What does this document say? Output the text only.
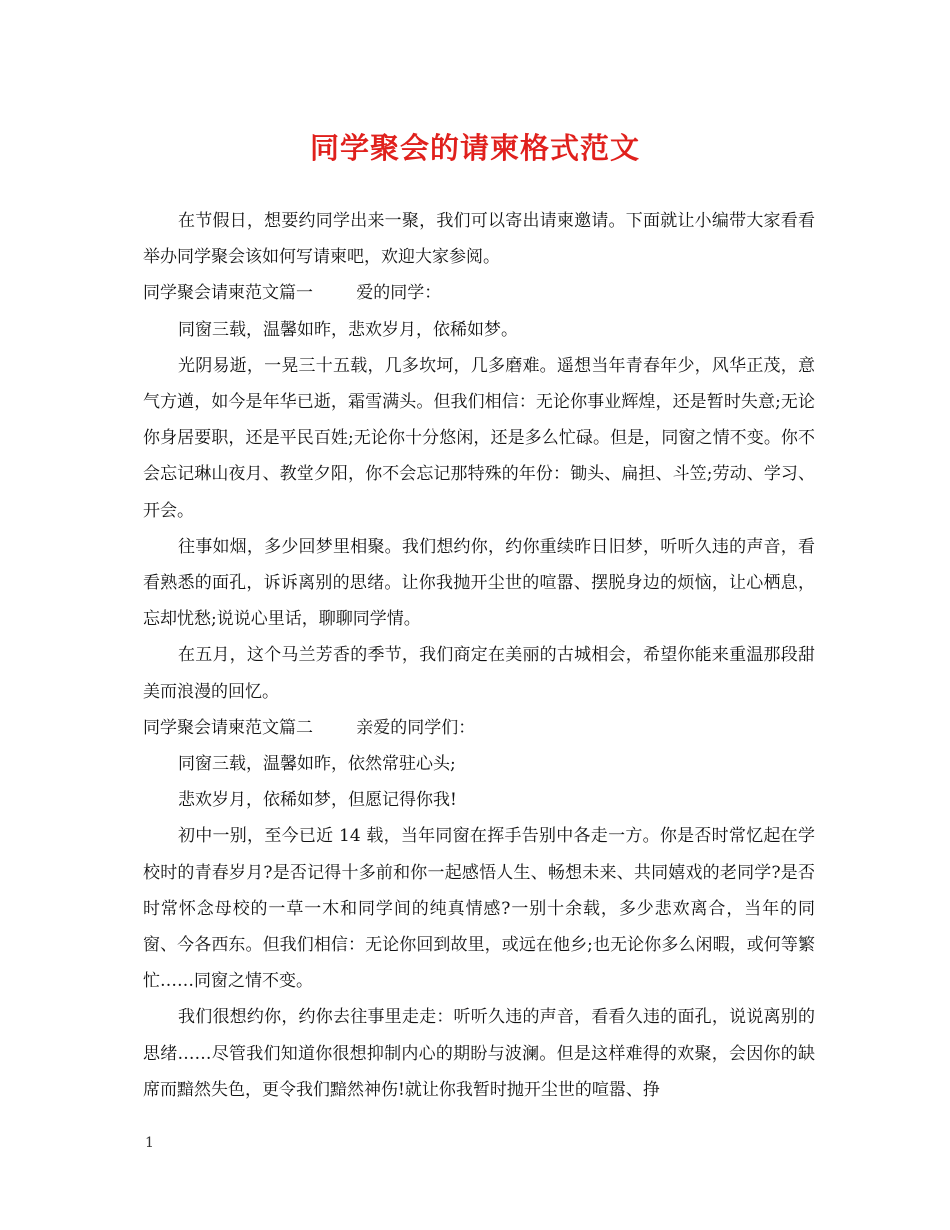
同学聚会的请柬格式范文

在节假日，想要约同学出来一聚，我们可以寄出请柬邀请。下面就让小编带大家看看举办同学聚会该如何写请柬吧，欢迎大家参阅。

同学聚会请柬范文篇一	爱的同学：

同窗三载，温馨如昨，悲欢岁月，依稀如梦。

光阴易逝，一晃三十五载，几多坎坷，几多磨难。遥想当年青春年少，风华正茂，意气方遒，如今是年华已逝，霜雪满头。但我们相信：无论你事业辉煌，还是暂时失意;无论你身居要职，还是平民百姓;无论你十分悠闲，还是多么忙碌。但是，同窗之情不变。你不会忘记琳山夜月、教堂夕阳，你不会忘记那特殊的年份：锄头、扁担、斗笠;劳动、学习、开会。

往事如烟，多少回梦里相聚。我们想约你，约你重续昨日旧梦，听听久违的声音，看看熟悉的面孔，诉诉离别的思绪。让你我抛开尘世的喧嚣、摆脱身边的烦恼，让心栖息，忘却忧愁;说说心里话，聊聊同学情。

在五月，这个马兰芳香的季节，我们商定在美丽的古城相会，希望你能来重温那段甜美而浪漫的回忆。

同学聚会请柬范文篇二	亲爱的同学们：

同窗三载，温馨如昨，依然常驻心头;

悲欢岁月，依稀如梦，但愿记得你我!

初中一别，至今已近 14 载，当年同窗在挥手告别中各走一方。你是否时常忆起在学校时的青春岁月?是否记得十多前和你一起感悟人生、畅想未来、共同嬉戏的老同学?是否时常怀念母校的一草一木和同学间的纯真情感?一别十余载，多少悲欢离合，当年的同窗、今各西东。但我们相信：无论你回到故里，或远在他乡;也无论你多么闲暇，或何等繁忙……同窗之情不变。

我们很想约你，约你去往事里走走：听听久违的声音，看看久违的面孔，说说离别的思绪……尽管我们知道你很想抑制内心的期盼与波澜。但是这样难得的欢聚，会因你的缺席而黯然失色，更令我们黯然神伤!就让你我暂时抛开尘世的喧嚣、挣

1
